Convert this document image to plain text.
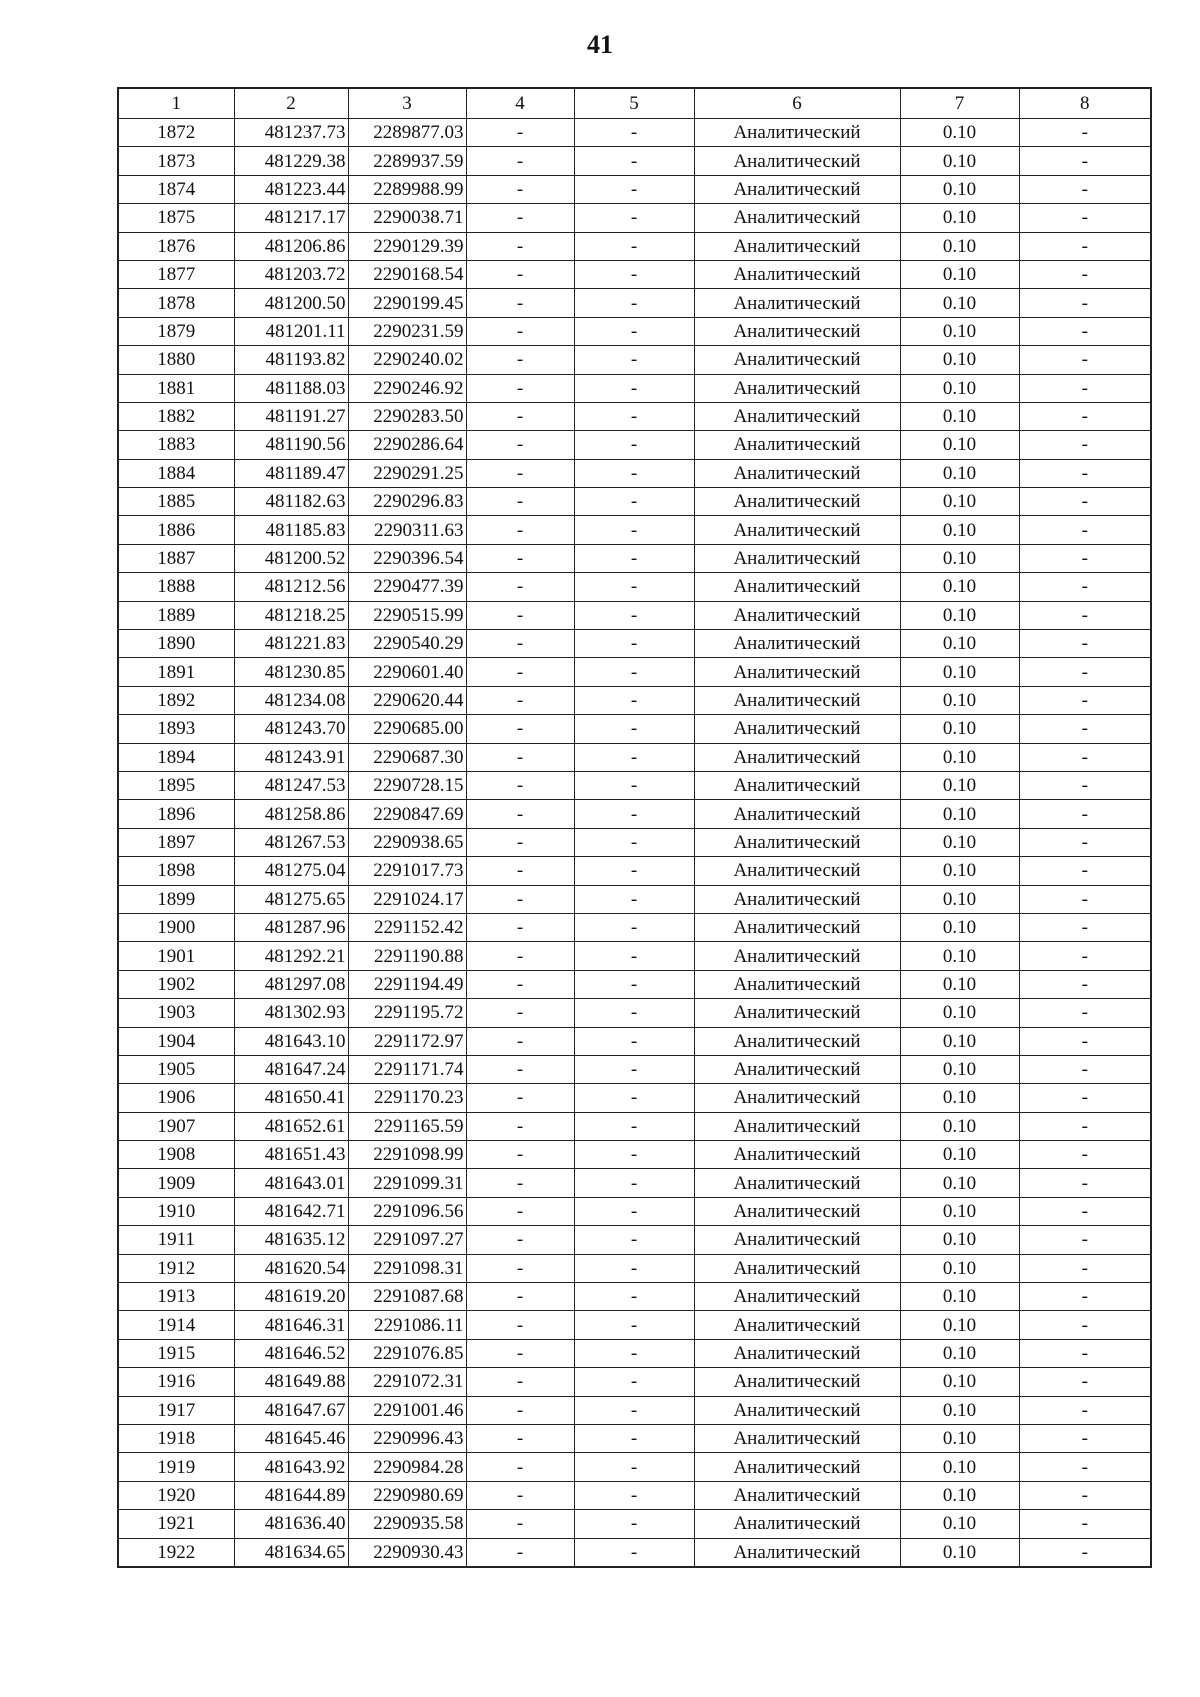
41
1	2	3	4	5	6	7	8
1872	481237.73	2289877.03	-	-	Аналитический	0.10	-
1873	481229.38	2289937.59	-	-	Аналитический	0.10	-
1874	481223.44	2289988.99	-	-	Аналитический	0.10	-
1875	481217.17	2290038.71	-	-	Аналитический	0.10	-
1876	481206.86	2290129.39	-	-	Аналитический	0.10	-
1877	481203.72	2290168.54	-	-	Аналитический	0.10	-
1878	481200.50	2290199.45	-	-	Аналитический	0.10	-
1879	481201.11	2290231.59	-	-	Аналитический	0.10	-
1880	481193.82	2290240.02	-	-	Аналитический	0.10	-
1881	481188.03	2290246.92	-	-	Аналитический	0.10	-
1882	481191.27	2290283.50	-	-	Аналитический	0.10	-
1883	481190.56	2290286.64	-	-	Аналитический	0.10	-
1884	481189.47	2290291.25	-	-	Аналитический	0.10	-
1885	481182.63	2290296.83	-	-	Аналитический	0.10	-
1886	481185.83	2290311.63	-	-	Аналитический	0.10	-
1887	481200.52	2290396.54	-	-	Аналитический	0.10	-
1888	481212.56	2290477.39	-	-	Аналитический	0.10	-
1889	481218.25	2290515.99	-	-	Аналитический	0.10	-
1890	481221.83	2290540.29	-	-	Аналитический	0.10	-
1891	481230.85	2290601.40	-	-	Аналитический	0.10	-
1892	481234.08	2290620.44	-	-	Аналитический	0.10	-
1893	481243.70	2290685.00	-	-	Аналитический	0.10	-
1894	481243.91	2290687.30	-	-	Аналитический	0.10	-
1895	481247.53	2290728.15	-	-	Аналитический	0.10	-
1896	481258.86	2290847.69	-	-	Аналитический	0.10	-
1897	481267.53	2290938.65	-	-	Аналитический	0.10	-
1898	481275.04	2291017.73	-	-	Аналитический	0.10	-
1899	481275.65	2291024.17	-	-	Аналитический	0.10	-
1900	481287.96	2291152.42	-	-	Аналитический	0.10	-
1901	481292.21	2291190.88	-	-	Аналитический	0.10	-
1902	481297.08	2291194.49	-	-	Аналитический	0.10	-
1903	481302.93	2291195.72	-	-	Аналитический	0.10	-
1904	481643.10	2291172.97	-	-	Аналитический	0.10	-
1905	481647.24	2291171.74	-	-	Аналитический	0.10	-
1906	481650.41	2291170.23	-	-	Аналитический	0.10	-
1907	481652.61	2291165.59	-	-	Аналитический	0.10	-
1908	481651.43	2291098.99	-	-	Аналитический	0.10	-
1909	481643.01	2291099.31	-	-	Аналитический	0.10	-
1910	481642.71	2291096.56	-	-	Аналитический	0.10	-
1911	481635.12	2291097.27	-	-	Аналитический	0.10	-
1912	481620.54	2291098.31	-	-	Аналитический	0.10	-
1913	481619.20	2291087.68	-	-	Аналитический	0.10	-
1914	481646.31	2291086.11	-	-	Аналитический	0.10	-
1915	481646.52	2291076.85	-	-	Аналитический	0.10	-
1916	481649.88	2291072.31	-	-	Аналитический	0.10	-
1917	481647.67	2291001.46	-	-	Аналитический	0.10	-
1918	481645.46	2290996.43	-	-	Аналитический	0.10	-
1919	481643.92	2290984.28	-	-	Аналитический	0.10	-
1920	481644.89	2290980.69	-	-	Аналитический	0.10	-
1921	481636.40	2290935.58	-	-	Аналитический	0.10	-
1922	481634.65	2290930.43	-	-	Аналитический	0.10	-
